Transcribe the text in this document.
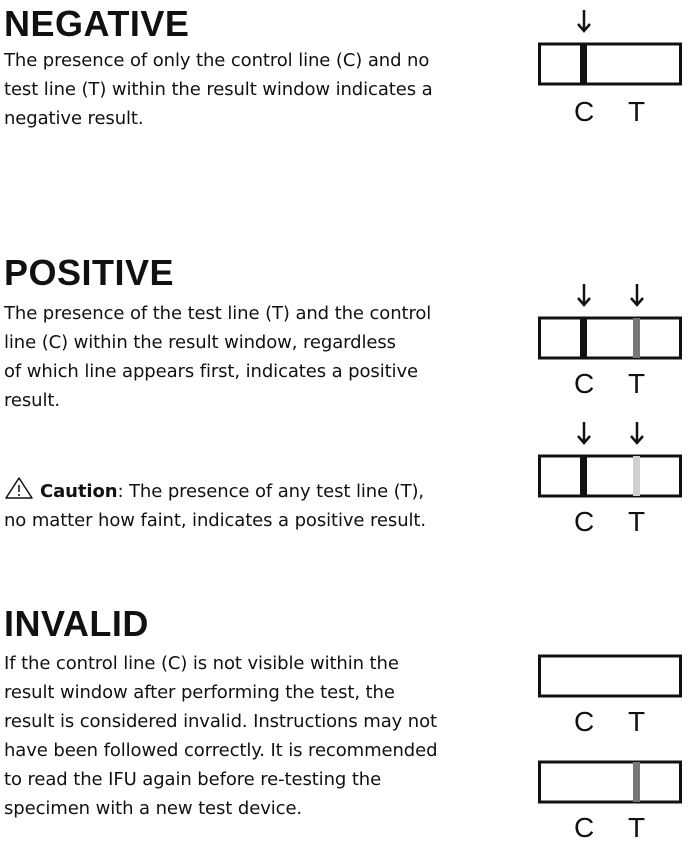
NEGATIVE

The presence of only the control line (C) and no
test line (T) within the result window indicates a
negative result.	C T
POSITIVE

The presence of the test line (T) and the control
line (C) within the result window, regardless
of which line appears first, indicates a positive
result.

Caution: The presence of any test line (T),
no matter how faint, indicates a positive result.

C T
C T
INVALID

If the control line (C) is not visible within the
result window after performing the test, the
result is considered invalid. Instructions may not
have been followed correctly. It is recommended
to read the IFU again before re-testing the
specimen with a new test device.

C T
C T
